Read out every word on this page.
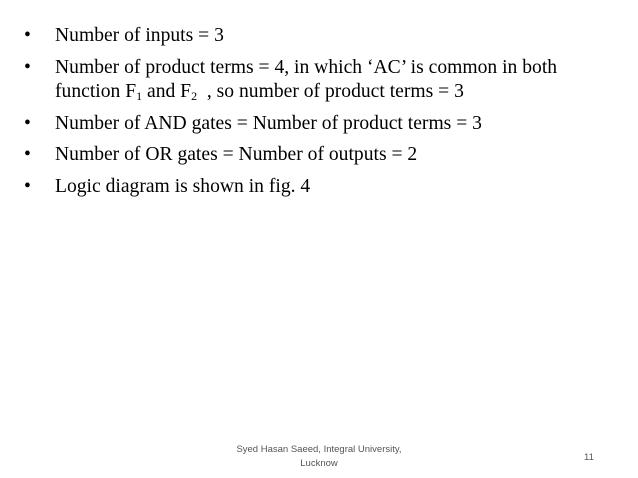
• Number of inputs = 3
• Number of product terms = 4, in which ‘AC’ is common in both
function $F_1$ and $F_2$  , so number of product terms = 3
• Number of AND gates = Number of product terms = 3
• Number of OR gates = Number of outputs = 2
• Logic diagram is shown in fig. 4
Syed Hasan Saeed, Integral University,
Lucknow
11
